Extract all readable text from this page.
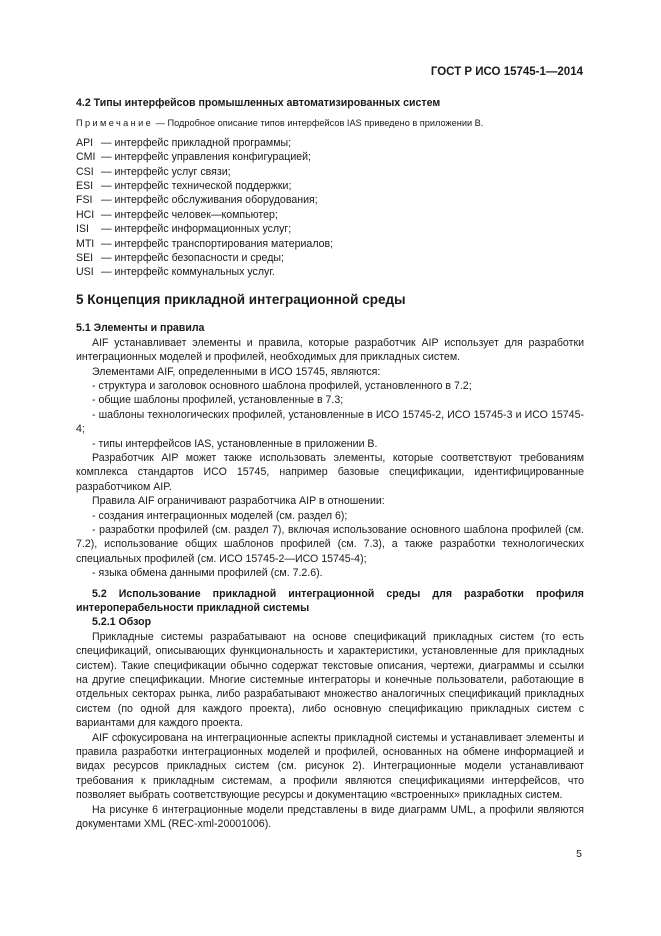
ГОСТ Р ИСО 15745-1—2014
4.2 Типы интерфейсов промышленных автоматизированных систем
Примечание — Подробное описание типов интерфейсов IAS приведено в приложении B.
API — интерфейс прикладной программы;
CMI — интерфейс управления конфигурацией;
CSI — интерфейс услуг связи;
ESI — интерфейс технической поддержки;
FSI — интерфейс обслуживания оборудования;
HCI — интерфейс человек—компьютер;
ISI	— интерфейс информационных услуг;
MTI — интерфейс транспортирования материалов;
SEI — интерфейс безопасности и среды;
USI — интерфейс коммунальных услуг.
5 Концепция прикладной интеграционной среды
5.1 Элементы и правила
AIF устанавливает элементы и правила, которые разработчик AIP использует для разработки интеграционных моделей и профилей, необходимых для прикладных систем.
Элементами AIF, определенными в ИСО 15745, являются:
- структура и заголовок основного шаблона профилей, установленного в 7.2;
- общие шаблоны профилей, установленные в 7.3;
- шаблоны технологических профилей, установленные в ИСО 15745-2, ИСО 15745-3 и ИСО 15745-4;
- типы интерфейсов IAS, установленные в приложении B.
Разработчик AIP может также использовать элементы, которые соответствуют требованиям комплекса стандартов ИСО 15745, например базовые спецификации, идентифицированные разработчиком AIP.
Правила AIF ограничивают разработчика AIP в отношении:
- создания интеграционных моделей (см. раздел 6);
- разработки профилей (см. раздел 7), включая использование основного шаблона профилей (см. 7.2), использование общих шаблонов профилей (см. 7.3), а также разработки технологических специальных профилей (см. ИСО 15745-2—ИСО 15745-4);
- языка обмена данными профилей (см. 7.2.6).
5.2 Использование прикладной интеграционной среды для разработки профиля интероперабельности прикладной системы
5.2.1 Обзор
Прикладные системы разрабатывают на основе спецификаций прикладных систем (то есть спецификаций, описывающих функциональность и характеристики, установленные для прикладных систем). Такие спецификации обычно содержат текстовые описания, чертежи, диаграммы и ссылки на другие спецификации. Многие системные интеграторы и конечные пользователи, работающие в отдельных секторах рынка, либо разрабатывают множество аналогичных спецификаций прикладных систем (по одной для каждого проекта), либо основную спецификацию прикладных систем с вариантами для каждого проекта.
AIF сфокусирована на интеграционные аспекты прикладной системы и устанавливает элементы и правила разработки интеграционных моделей и профилей, основанных на обмене информацией и видах ресурсов прикладных систем (см. рисунок 2). Интеграционные модели устанавливают требования к прикладным системам, а профили являются спецификациями интерфейсов, что позволяет выбрать соответствующие ресурсы и документацию «встроенных» прикладных систем.
На рисунке 6 интеграционные модели представлены в виде диаграмм UML, а профили являются документами XML (REC-xml-20001006).
5
